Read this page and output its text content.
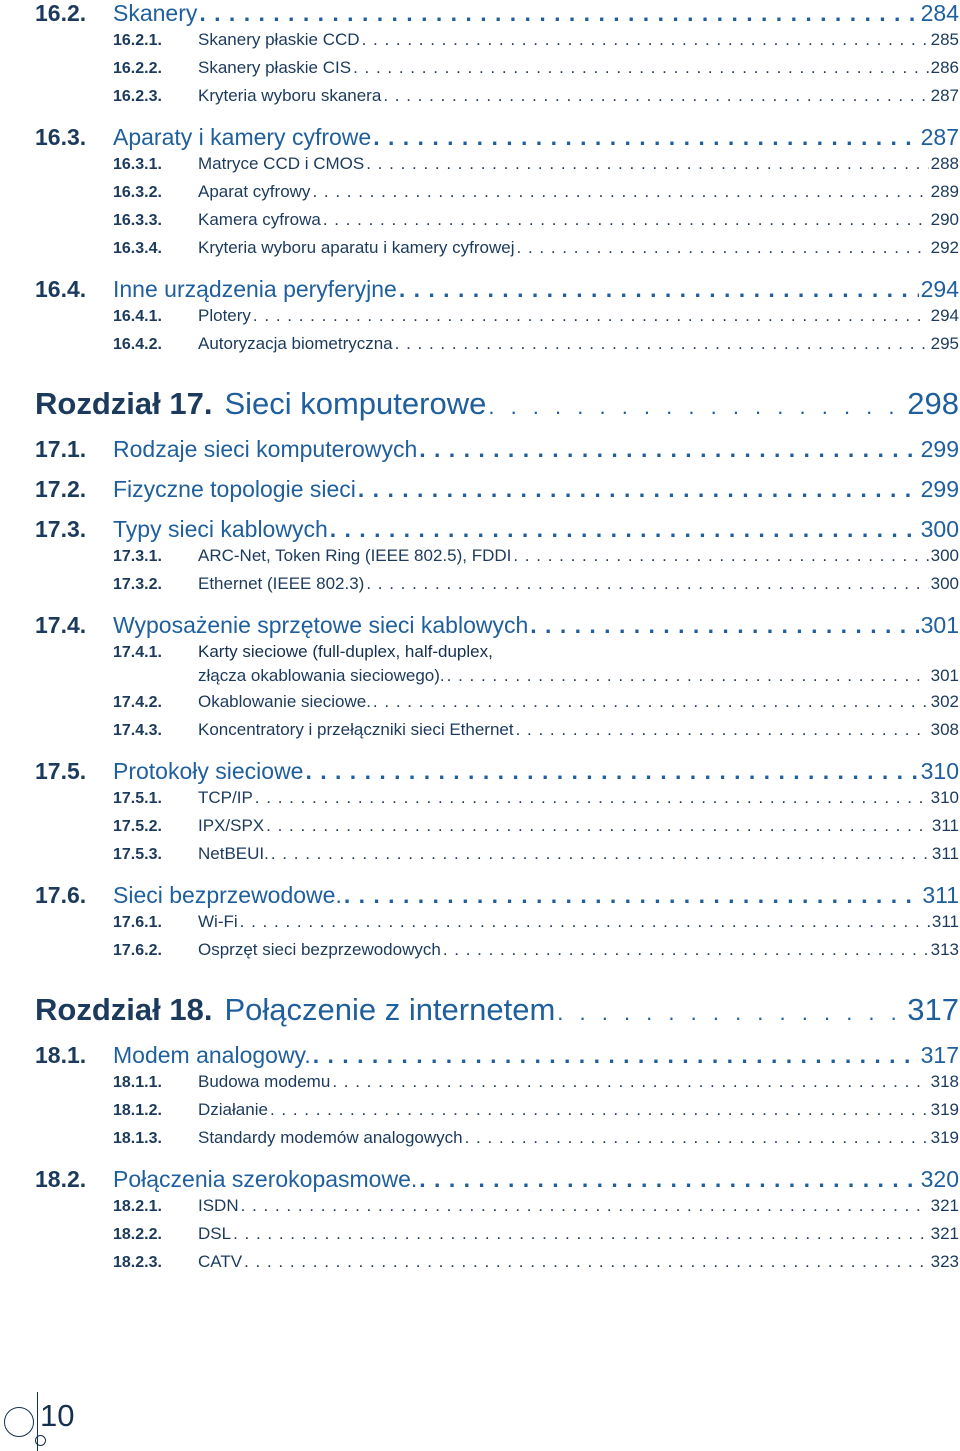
16.2.	Skanery . . .	284
16.2.1.	Skanery płaskie CCD . . .	285
16.2.2.	Skanery płaskie CIS . . .	286
16.2.3.	Kryteria wyboru skanera . . .	287
16.3.	Aparaty i kamery cyfrowe . . .	287
16.3.1.	Matryce CCD i CMOS . . .	288
16.3.2.	Aparat cyfrowy . . .	289
16.3.3.	Kamera cyfrowa . . .	290
16.3.4.	Kryteria wyboru aparatu i kamery cyfrowej . . .	292
16.4.	Inne urządzenia peryferyjne . . .	294
16.4.1.	Plotery . . .	294
16.4.2.	Autoryzacja biometryczna . . .	295
Rozdział 17. Sieci komputerowe . . .	298
17.1.	Rodzaje sieci komputerowych . . .	299
17.2.	Fizyczne topologie sieci . . .	299
17.3.	Typy sieci kablowych . . .	300
17.3.1.	ARC-Net, Token Ring (IEEE 802.5), FDDI . . .	300
17.3.2.	Ethernet (IEEE 802.3) . . .	300
17.4.	Wyposażenie sprzętowe sieci kablowych . . .	301
17.4.1.	Karty sieciowe (full-duplex, half-duplex,
złącza okablowania sieciowego). . . .	301
17.4.2.	Okablowanie sieciowe. . . .	302
17.4.3.	Koncentratory i przełączniki sieci Ethernet . . .	308
17.5.	Protokoły sieciowe . . .	310
17.5.1.	TCP/IP . . .	310
17.5.2.	IPX/SPX . . .	311
17.5.3.	NetBEUI. . . .	311
17.6.	Sieci bezprzewodowe. . . .	311
17.6.1.	Wi-Fi . . .	311
17.6.2.	Osprzęt sieci bezprzewodowych . . .	313
Rozdział 18. Połączenie z internetem . . .	317
18.1.	Modem analogowy. . . .	317
18.1.1.	Budowa modemu . . .	318
18.1.2.	Działanie . . .	319
18.1.3.	Standardy modemów analogowych . . .	319
18.2.	Połączenia szerokopasmowe. . . .	320
18.2.1.	ISDN . . .	321
18.2.2.	DSL . . .	321
18.2.3.	CATV . . .	323
10
